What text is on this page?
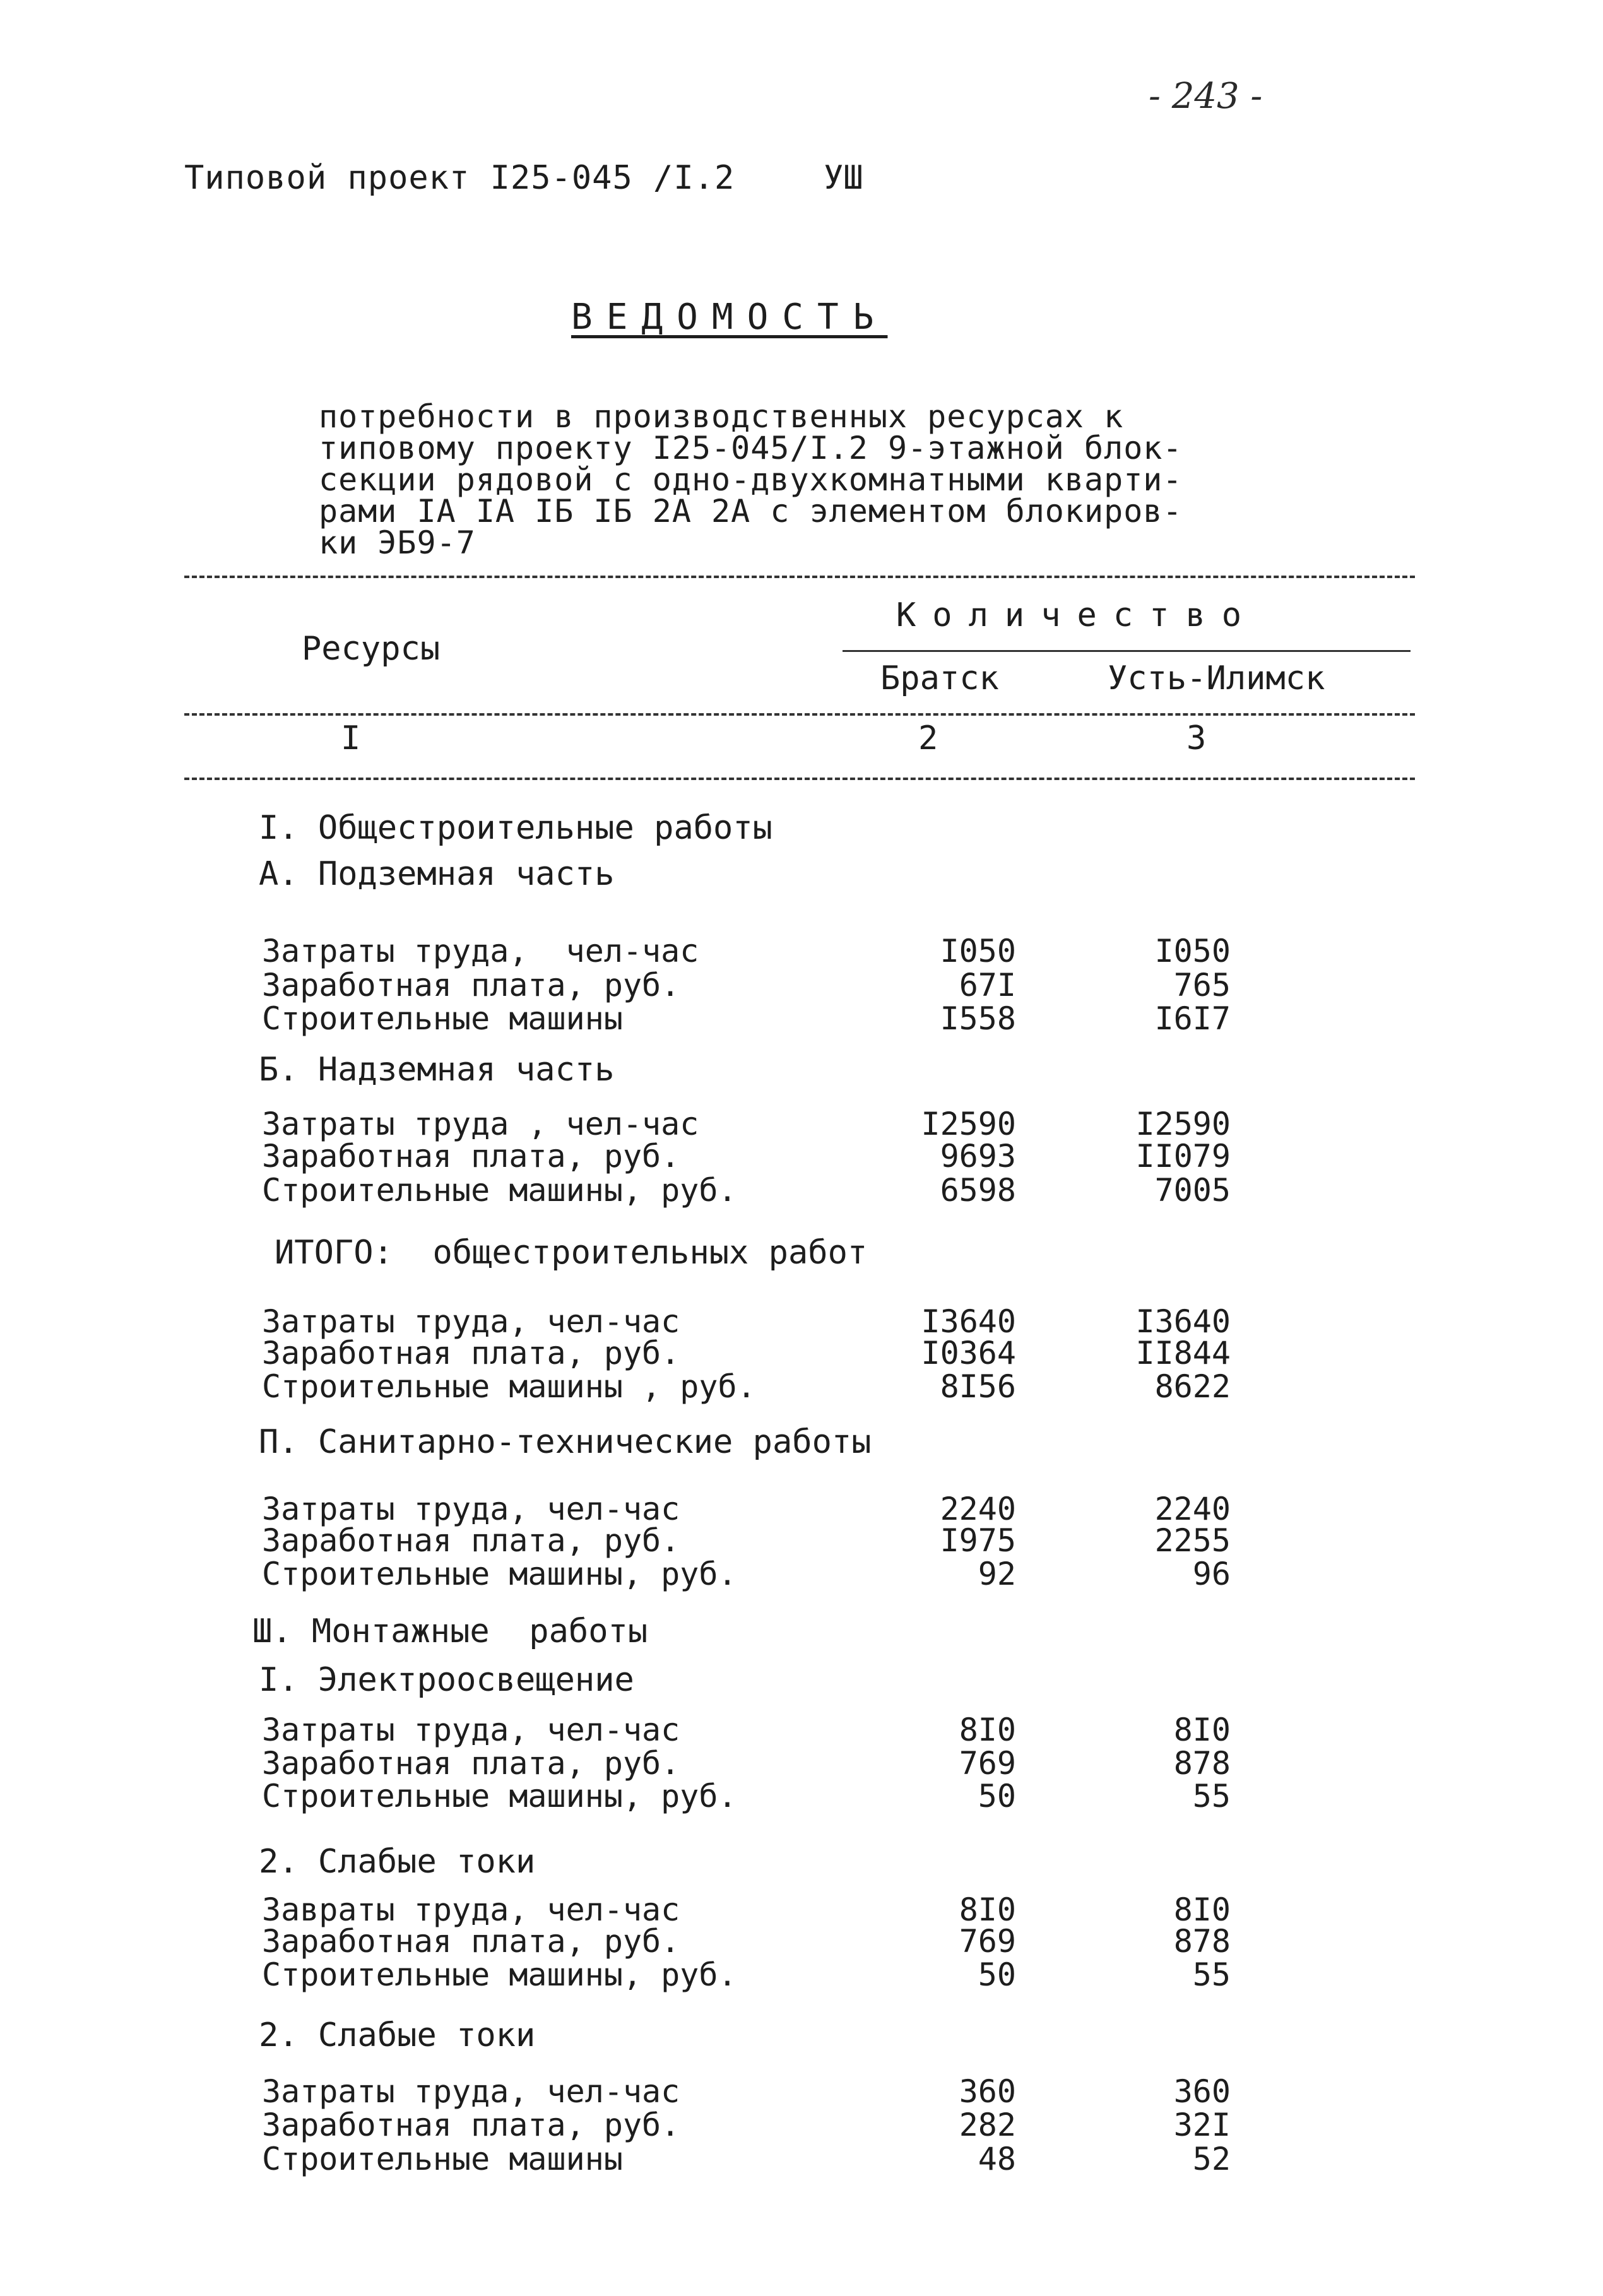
- 243 -
Типовой проект I25-045 /I.2	УШ
ВЕДОМОСТЬ

потребности в производственных ресурсах к
типовому проекту I25-045/I.2 9-этажной блок-
секции рядовой с одно-двухкомнатными кварти-
рами IA IA IБ IБ 2A 2A с элементом блокиров-
ки ЭБ9-7

Ресурсы
Количество
Братск	Усть-Илимск
I	2	3
I. Общестроительные работы
А. Подземная часть
Затраты труда,  чел-час	I050	I050
Заработная плата, руб.	67I	765
Строительные машины	I558	I6I7
Б. Надземная часть
Затраты труда , чел-час	I2590	I2590
Заработная плата, руб.	9693	II079
Строительные машины, руб.	6598	7005
ИТОГО:  общестроительных работ
Затраты труда, чел-час	I3640	I3640
Заработная плата, руб.	I0364	II844
Строительные машины , руб.	8I56	8622
П. Санитарно-технические работы
Затраты труда, чел-час	2240	2240
Заработная плата, руб.	I975	2255
Строительные машины, руб.	92	96
Ш. Монтажные  работы
I. Электроосвещение
Затраты труда, чел-час	8I0	8I0
Заработная плата, руб.	769	878
Строительные машины, руб.	50	55
2. Слабые токи
Завраты труда, чел-час	8I0	8I0
Заработная плата, руб.	769	878
Строительные машины, руб.	50	55
2. Слабые токи
Затраты труда, чел-час	360	360
Заработная плата, руб.	282	32I
Строительные машины	48	52
